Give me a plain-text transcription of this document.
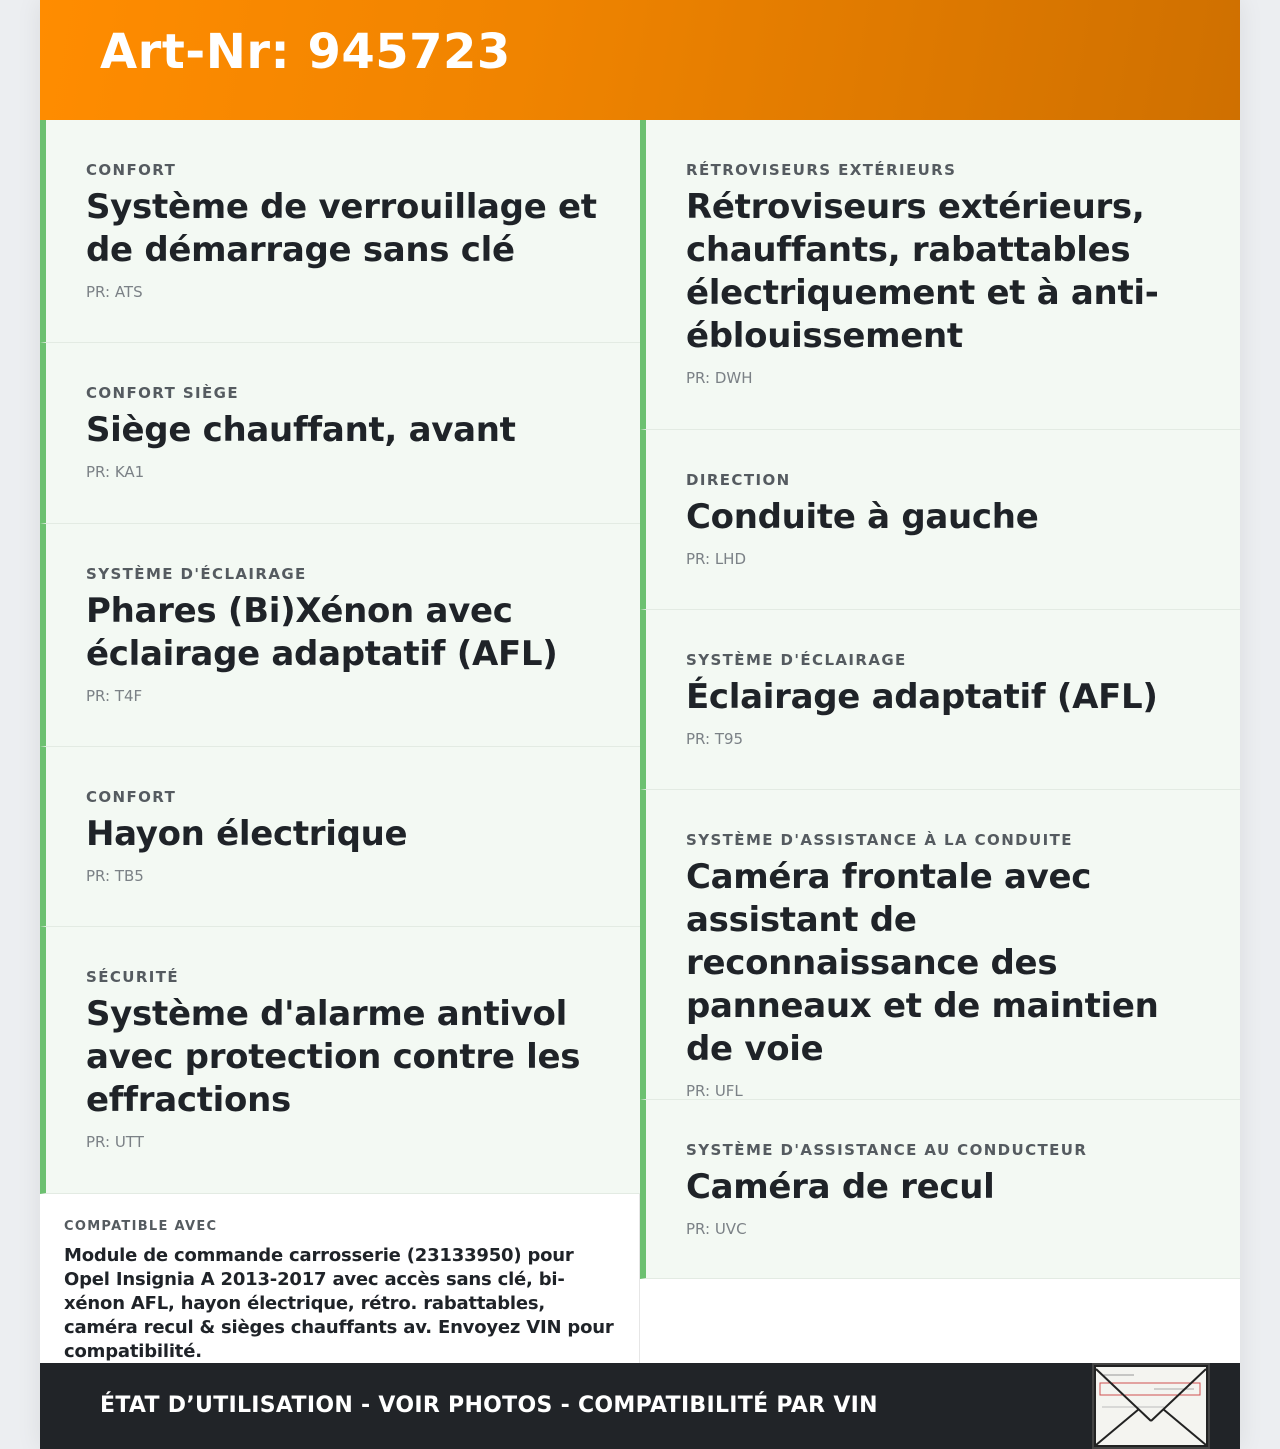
Art-Nr: 945723
CONFORT
Système de verrouillage et de démarrage sans clé
PR: ATS
CONFORT SIÈGE
Siège chauffant, avant
PR: KA1
SYSTÈME D'ÉCLAIRAGE
Phares (Bi)Xénon avec éclairage adaptatif (AFL)
PR: T4F
CONFORT
Hayon électrique
PR: TB5
SÉCURITÉ
Système d'alarme antivol avec protection contre les effractions
PR: UTT
RÉTROVISEURS EXTÉRIEURS
Rétroviseurs extérieurs, chauffants, rabattables électriquement et à anti-éblouissement
PR: DWH
DIRECTION
Conduite à gauche
PR: LHD
SYSTÈME D'ÉCLAIRAGE
Éclairage adaptatif (AFL)
PR: T95
SYSTÈME D'ASSISTANCE À LA CONDUITE
Caméra frontale avec assistant de reconnaissance des panneaux et de maintien de voie
PR: UFL
SYSTÈME D'ASSISTANCE AU CONDUCTEUR
Caméra de recul
PR: UVC
COMPATIBLE AVEC
Module de commande carrosserie (23133950) pour Opel Insignia A 2013-2017 avec accès sans clé, bi-xénon AFL, hayon électrique, rétro. rabattables, caméra recul & sièges chauffants av. Envoyez VIN pour compatibilité.
ÉTAT D’UTILISATION - VOIR PHOTOS - COMPATIBILITÉ PAR VIN
